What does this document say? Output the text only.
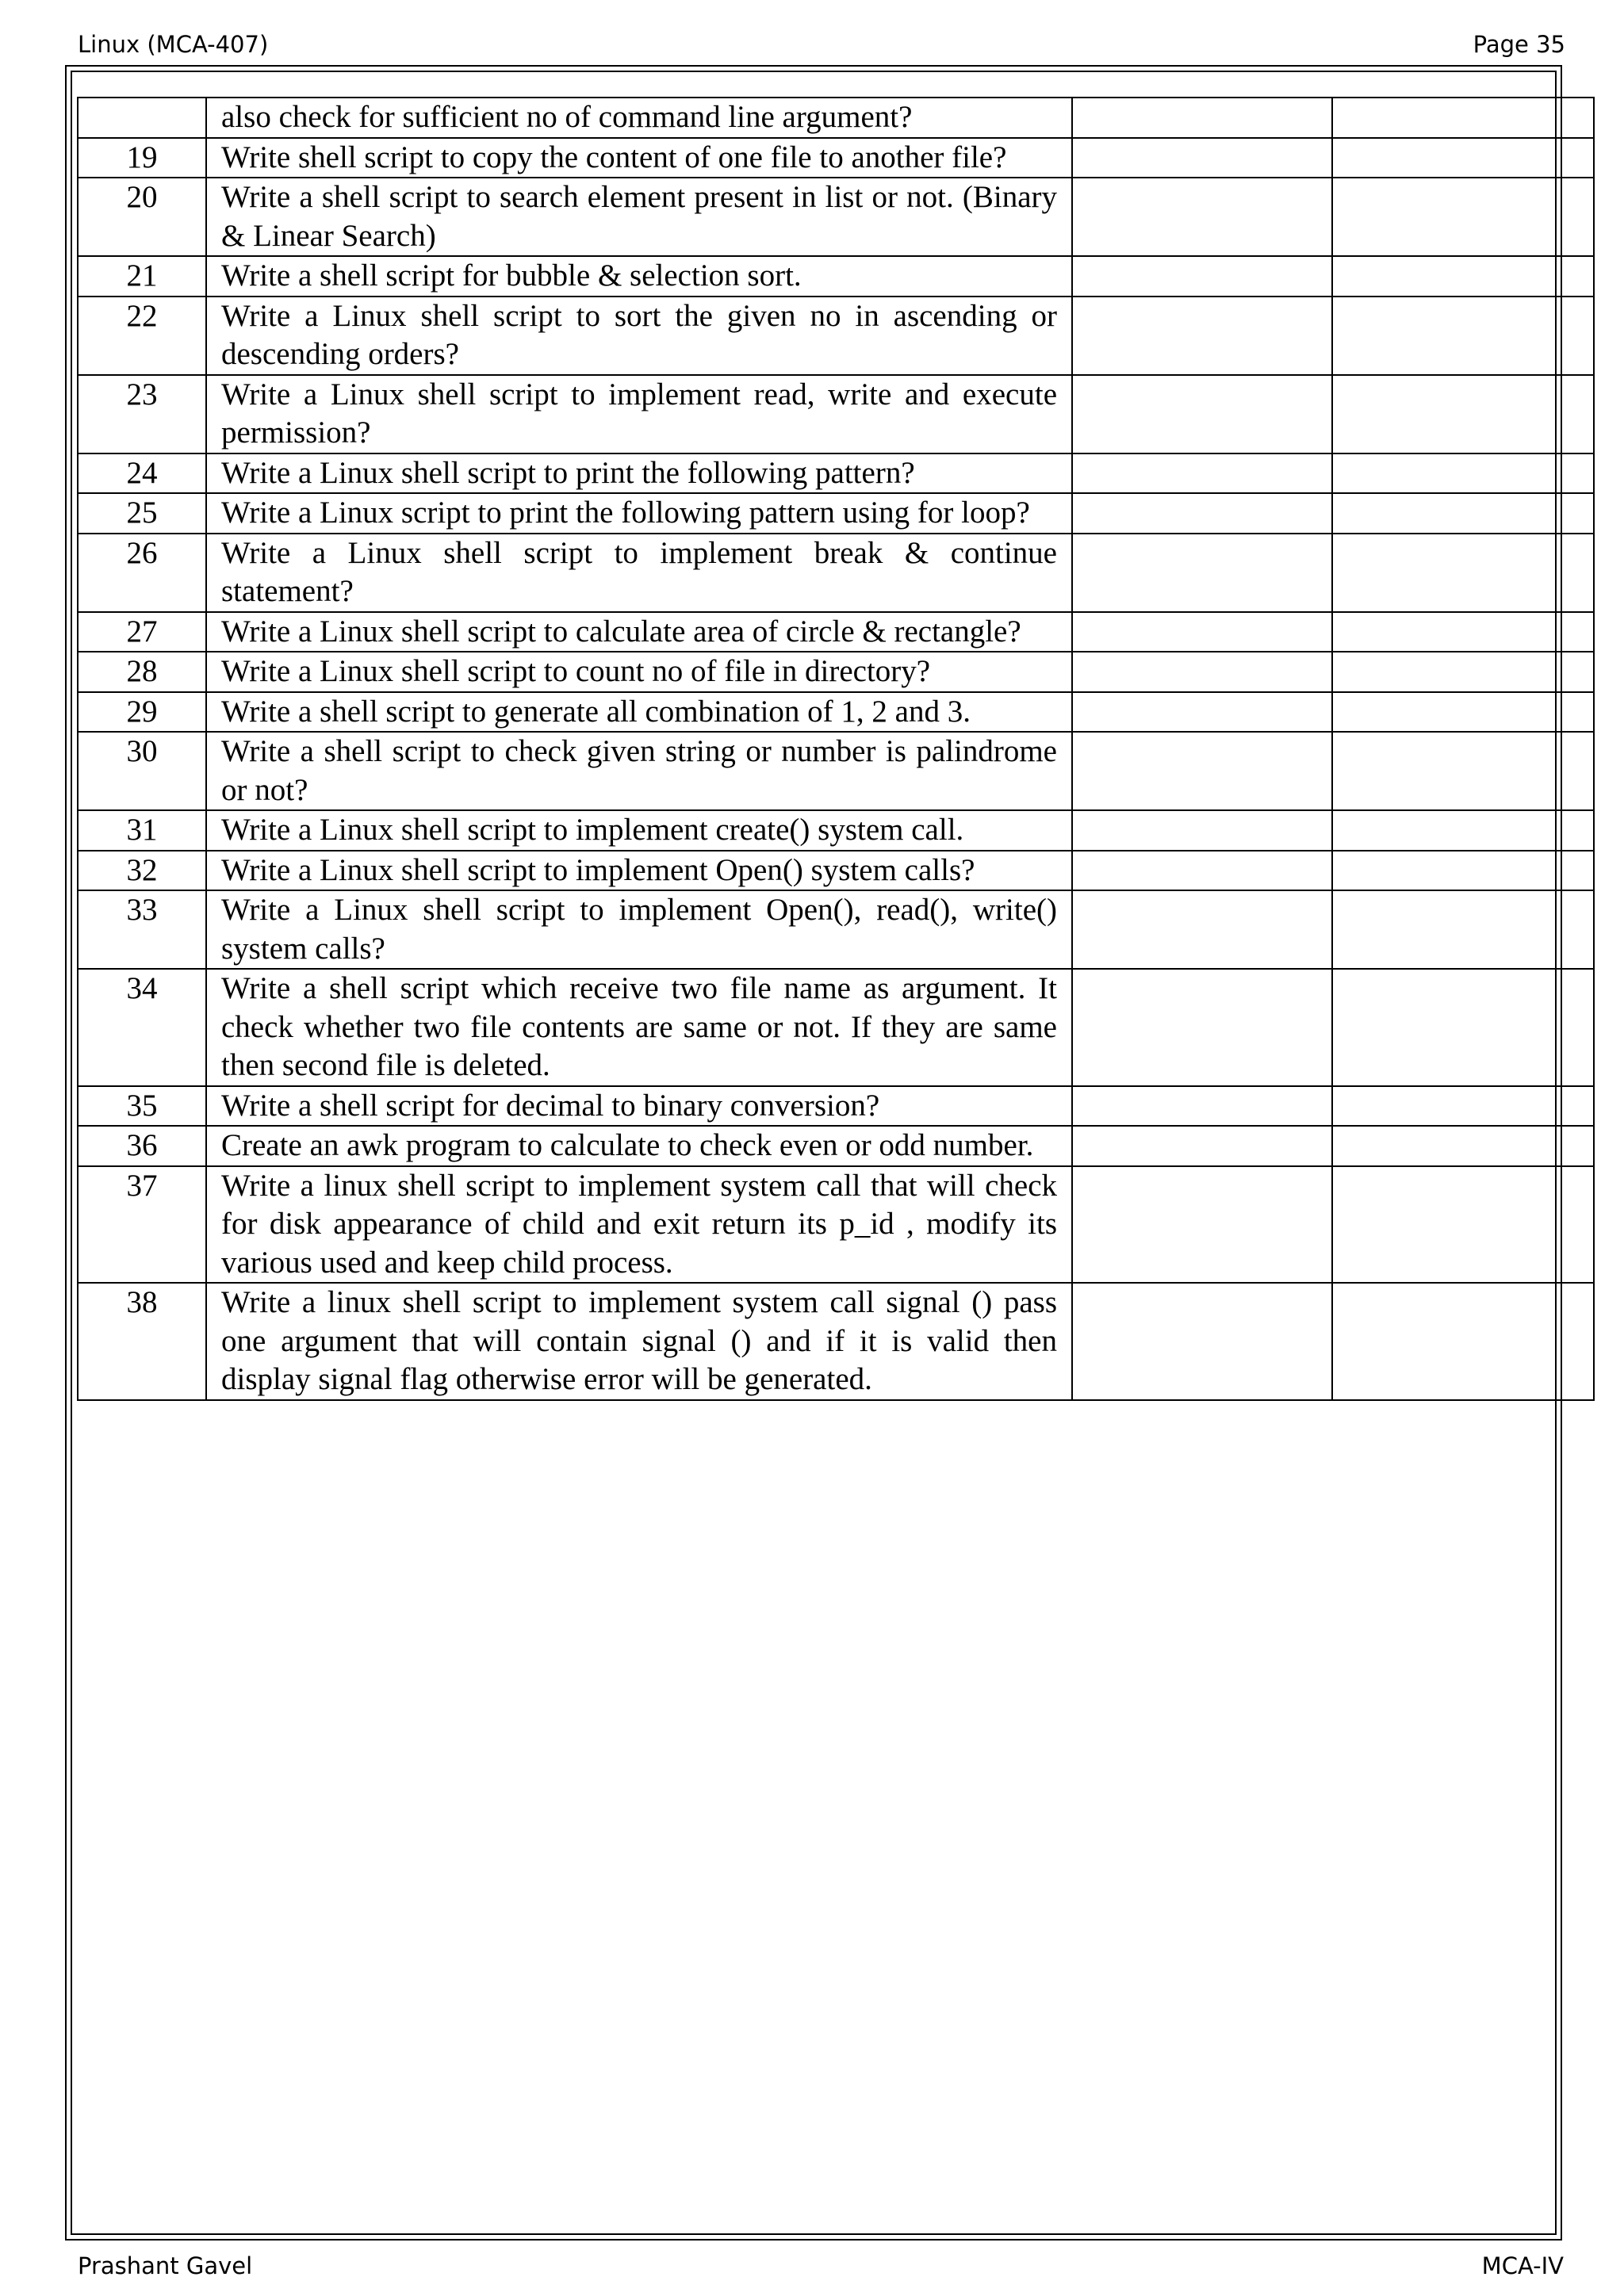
Linux (MCA-407)	Page 35
	also check for sufficient no of command line argument?		
19	Write shell script to copy the content of one file to another file?		
20	Write a shell script to search element present in list or not. (Binary & Linear Search)		
21	Write a shell script for bubble & selection sort.		
22	Write a Linux shell script to sort the given no in ascending or descending orders?		
23	Write a Linux shell script to implement read, write and execute permission?		
24	Write a Linux shell script to print the following pattern?		
25	Write a Linux script to print the following pattern using for loop?		
26	Write a Linux shell script to implement break & continue statement?		
27	Write a Linux shell script to calculate area of circle & rectangle?		
28	Write a Linux shell script to count no of file in directory?		
29	Write a shell script to generate all combination of 1, 2 and 3.		
30	Write a shell script to check given string or number is palindrome or not?		
31	Write a Linux shell script to implement create() system call.		
32	Write a Linux shell script to implement Open() system calls?		
33	Write a Linux shell script to implement Open(), read(), write() system calls?		
34	Write a shell script which receive two file name as argument. It check whether two file contents are same or not. If they are same then second file is deleted.		
35	Write a shell script for decimal to binary conversion?		
36	Create an awk program to calculate to check even or odd number.		
37	Write a linux shell script to implement system call that will check for disk appearance of child and exit return its p_id , modify its various used and keep child process.		
38	Write a linux shell script to implement system call signal () pass one argument that will contain signal () and if it is valid then display signal flag otherwise error will be generated.		
Prashant Gavel	MCA-IV
